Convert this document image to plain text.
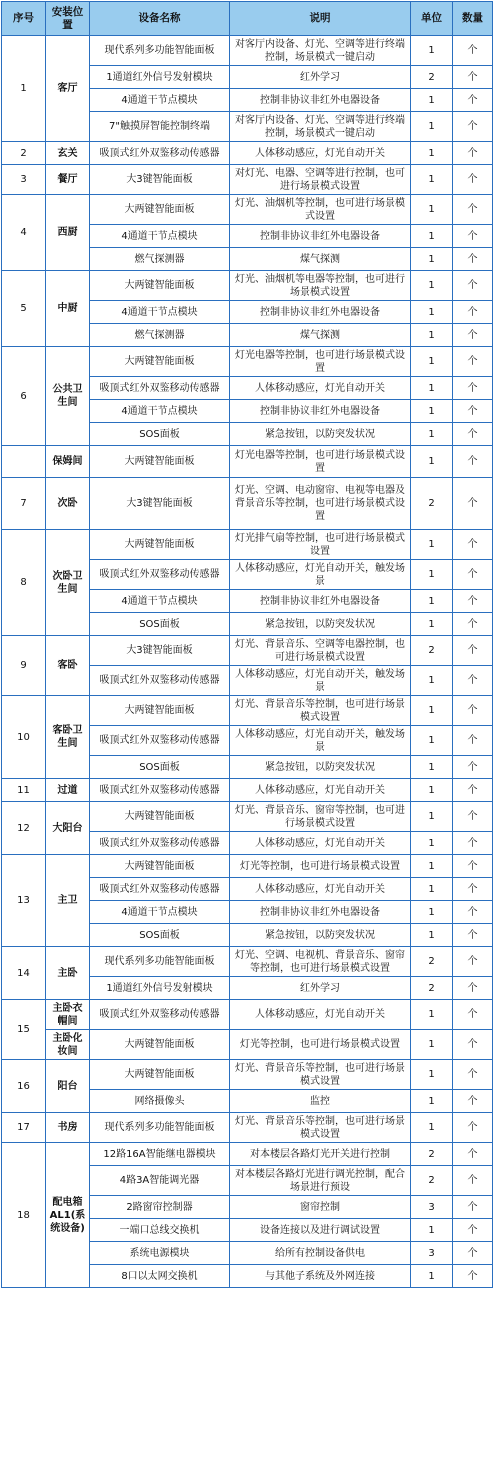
序号	安装位置	设备名称	说明	单位	数量
1	客厅	现代系列多功能智能面板	对客厅内设备、灯光、空调等进行终端控制，场景模式一键启动	1	个
		1通道红外信号发射模块	红外学习	2	个
		4通道干节点模块	控制非协议非红外电器设备	1	个
		7"触摸屏智能控制终端	对客厅内设备、灯光、空调等进行终端控制，场景模式一键启动	1	个
2	玄关	吸顶式红外双鉴移动传感器	人体移动感应，灯光自动开关	1	个
3	餐厅	大3键智能面板	对灯光、电器、空调等进行控制，也可进行场景模式设置	1	个
4	西厨	大两键智能面板	灯光、油烟机等控制，也可进行场景模式设置	1	个
		4通道干节点模块	控制非协议非红外电器设备	1	个
		燃气探测器	煤气探测	1	个
5	中厨	大两键智能面板	灯光、油烟机等电器等控制，也可进行场景模式设置	1	个
		4通道干节点模块	控制非协议非红外电器设备	1	个
		燃气探测器	煤气探测	1	个
6	公共卫生间	大两键智能面板	灯光电器等控制，也可进行场景模式设置	1	个
		吸顶式红外双鉴移动传感器	人体移动感应，灯光自动开关	1	个
		4通道干节点模块	控制非协议非红外电器设备	1	个
		SOS面板	紧急按钮，以防突发状况	1	个
	保姆间	大两键智能面板	灯光电器等控制，也可进行场景模式设置	1	个
7	次卧	大3键智能面板	灯光、空调、电动窗帘、电视等电器及背景音乐等控制，也可进行场景模式设置	2	个
8	次卧卫生间	大两键智能面板	灯光排气扇等控制，也可进行场景模式设置	1	个
		吸顶式红外双鉴移动传感器	人体移动感应，灯光自动开关，触发场景	1	个
		4通道干节点模块	控制非协议非红外电器设备	1	个
		SOS面板	紧急按钮，以防突发状况	1	个
9	客卧	大3键智能面板	灯光、背景音乐、空调等电器控制，也可进行场景模式设置	2	个
		吸顶式红外双鉴移动传感器	人体移动感应，灯光自动开关，触发场景	1	个
10	客卧卫生间	大两键智能面板	灯光、背景音乐等控制，也可进行场景模式设置	1	个
		吸顶式红外双鉴移动传感器	人体移动感应，灯光自动开关，触发场景	1	个
		SOS面板	紧急按钮，以防突发状况	1	个
11	过道	吸顶式红外双鉴移动传感器	人体移动感应，灯光自动开关	1	个
12	大阳台	大两键智能面板	灯光、背景音乐、窗帘等控制，也可进行场景模式设置	1	个
		吸顶式红外双鉴移动传感器	人体移动感应，灯光自动开关	1	个
13	主卫	大两键智能面板	灯光等控制，也可进行场景模式设置	1	个
		吸顶式红外双鉴移动传感器	人体移动感应，灯光自动开关	1	个
		4通道干节点模块	控制非协议非红外电器设备	1	个
		SOS面板	紧急按钮，以防突发状况	1	个
14	主卧	现代系列多功能智能面板	灯光、空调、电视机、背景音乐、窗帘等控制，也可进行场景模式设置	2	个
		1通道红外信号发射模块	红外学习	2	个
15	主卧衣帽间	吸顶式红外双鉴移动传感器	人体移动感应，灯光自动开关	1	个
	主卧化妆间	大两键智能面板	灯光等控制，也可进行场景模式设置	1	个
16	阳台	大两键智能面板	灯光、背景音乐等控制，也可进行场景模式设置	1	个
		网络摄像头	监控	1	个
17	书房	现代系列多功能智能面板	灯光、背景音乐等控制，也可进行场景模式设置	1	个
18	配电箱AL1(系统设备)	12路16A智能继电器模块	对本楼层各路灯光开关进行控制	2	个
		4路3A智能调光器	对本楼层各路灯光进行调光控制，配合场景进行预设	2	个
		2路窗帘控制器	窗帘控制	3	个
		一端口总线交换机	设备连接以及进行调试设置	1	个
		系统电源模块	给所有控制设备供电	3	个
		8口以太网交换机	与其他子系统及外网连接	1	个
